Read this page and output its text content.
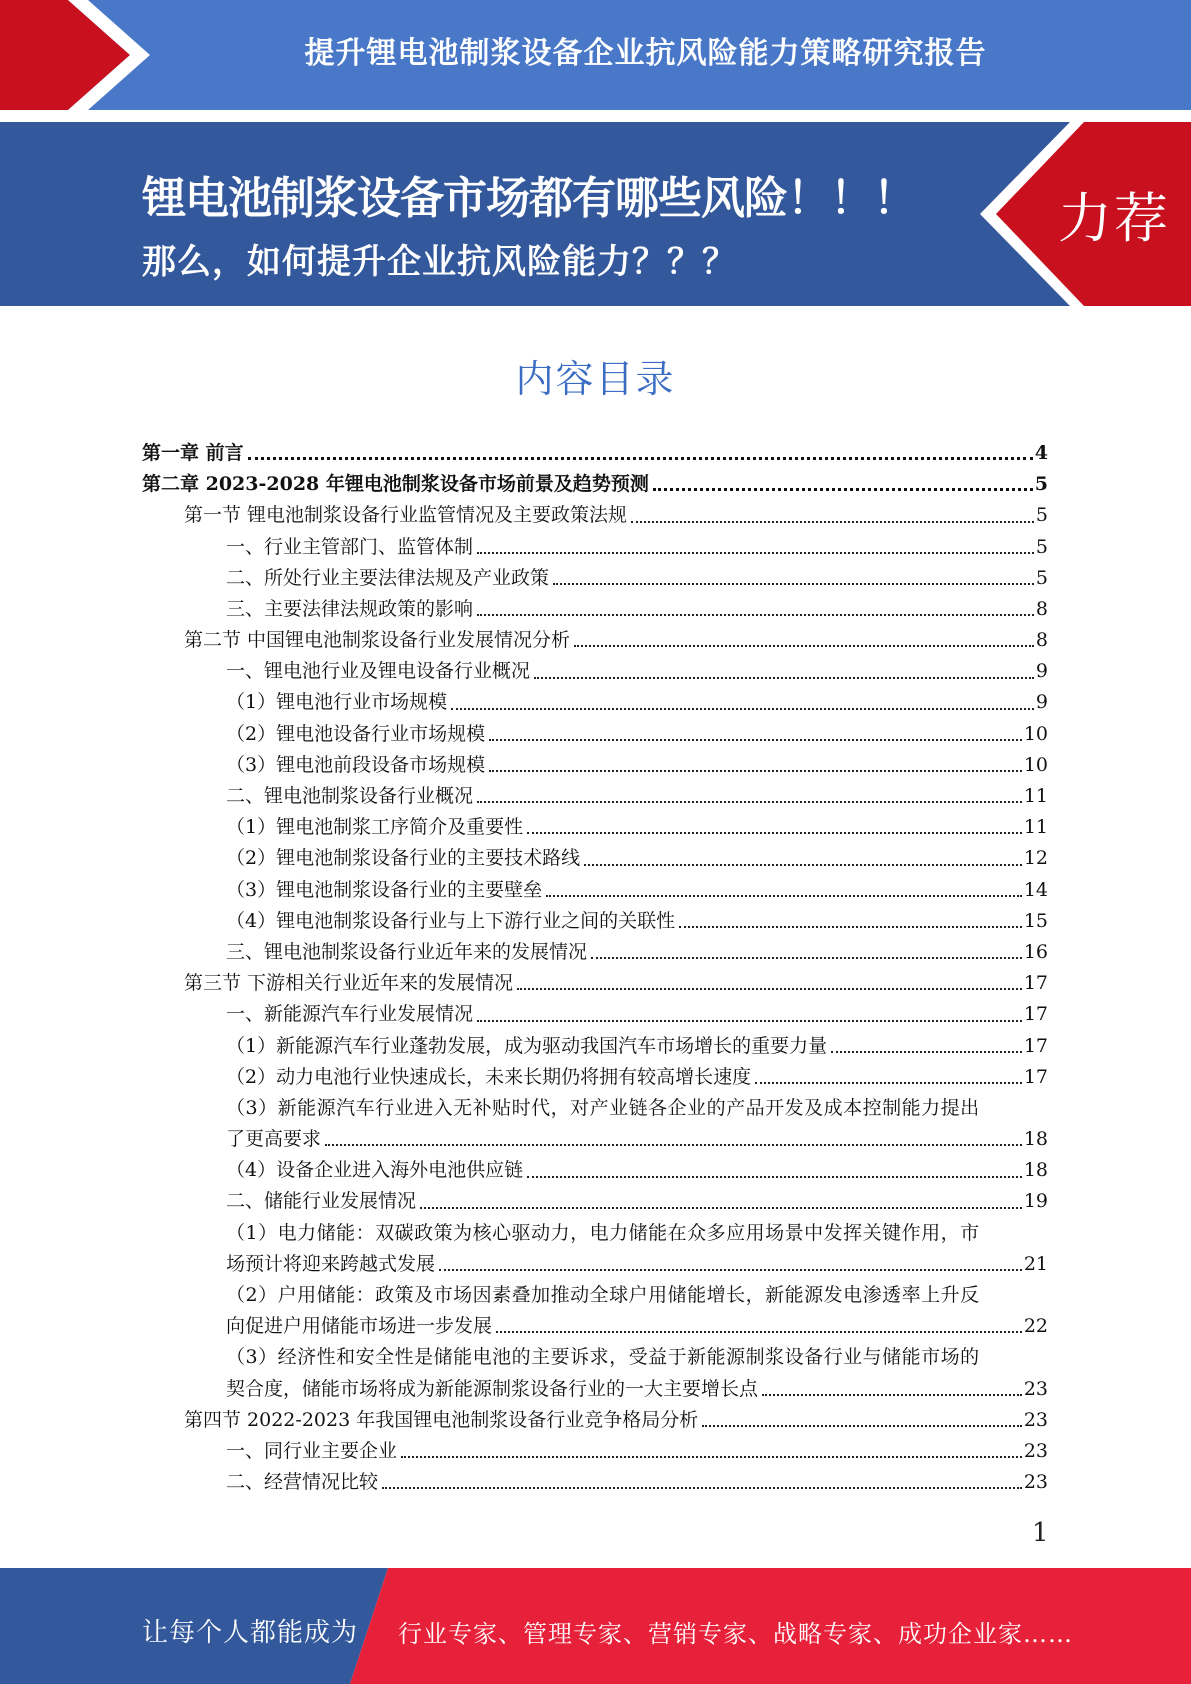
提升锂电池制浆设备企业抗风险能力策略研究报告
锂电池制浆设备市场都有哪些风险！！！
那么，如何提升企业抗风险能力？？？
力荐
内容目录
第一章 前言	4
第二章 2023-2028 年锂电池制浆设备市场前景及趋势预测	5
第一节 锂电池制浆设备行业监管情况及主要政策法规	5
一、行业主管部门、监管体制	5
二、所处行业主要法律法规及产业政策	5
三、主要法律法规政策的影响	8
第二节 中国锂电池制浆设备行业发展情况分析	8
一、锂电池行业及锂电设备行业概况	9
（1）锂电池行业市场规模	9
（2）锂电池设备行业市场规模	10
（3）锂电池前段设备市场规模	10
二、锂电池制浆设备行业概况	11
（1）锂电池制浆工序简介及重要性	11
（2）锂电池制浆设备行业的主要技术路线	12
（3）锂电池制浆设备行业的主要壁垒	14
（4）锂电池制浆设备行业与上下游行业之间的关联性	15
三、锂电池制浆设备行业近年来的发展情况	16
第三节 下游相关行业近年来的发展情况	17
一、新能源汽车行业发展情况	17
（1）新能源汽车行业蓬勃发展，成为驱动我国汽车市场增长的重要力量	17
（2）动力电池行业快速成长，未来长期仍将拥有较高增长速度	17
（3）新能源汽车行业进入无补贴时代，对产业链各企业的产品开发及成本控制能力提出
了更高要求	18
（4）设备企业进入海外电池供应链	18
二、储能行业发展情况	19
（1）电力储能：双碳政策为核心驱动力，电力储能在众多应用场景中发挥关键作用，市
场预计将迎来跨越式发展	21
（2）户用储能：政策及市场因素叠加推动全球户用储能增长，新能源发电渗透率上升反
向促进户用储能市场进一步发展	22
（3）经济性和安全性是储能电池的主要诉求，受益于新能源制浆设备行业与储能市场的
契合度，储能市场将成为新能源制浆设备行业的一大主要增长点	23
第四节 2022-2023 年我国锂电池制浆设备行业竞争格局分析	23
一、同行业主要企业	23
二、经营情况比较	23
1
让每个人都能成为 行业专家、管理专家、营销专家、战略专家、成功企业家……
